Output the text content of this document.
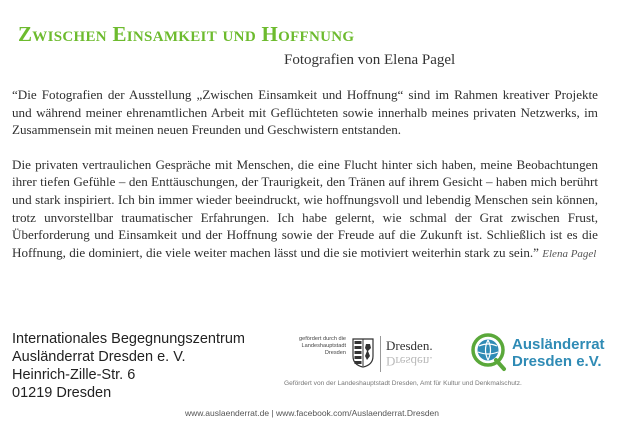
Zwischen Einsamkeit und Hoffnung
Fotografien von Elena Pagel

“Die Fotografien der Ausstellung „Zwischen Einsamkeit und Hoffnung“ sind im Rahmen kreativer Projekte und während meiner ehrenamtlichen Arbeit mit Geflüchteten sowie innerhalb meines privaten Netzwerks, im Zusammensein mit meinen neuen Freunden und Geschwistern entstanden.

Die privaten vertraulichen Gespräche mit Menschen, die eine Flucht hinter sich haben, meine Beobachtungen ihrer tiefen Gefühle – den Enttäuschungen, der Traurigkeit, den Tränen auf ihrem Gesicht – haben mich berührt und stark inspiriert. Ich bin immer wieder beeindruckt, wie hoffnungsvoll und lebendig Menschen sein können, trotz unvorstellbar traumatischer Erfahrungen. Ich habe gelernt, wie schmal der Grat zwischen Frust, Überforderung und Einsamkeit und der Hoffnung sowie der Freude auf die Zukunft ist. Schließlich ist es die Hoffnung, die dominiert, die viele weiter machen lässt und die sie motiviert weiterhin stark zu sein.” Elena Pagel

Internationales Begegnungszentrum
Ausländerrat Dresden e. V.
Heinrich-Zille-Str. 6
01219 Dresden
gefördert durch die Landeshauptstadt Dresden	Dresden.
Dresden.
Ausländerrat
Dresden e.V.
Gefördert von der Landeshauptstadt Dresden, Amt für Kultur und Denkmalschutz.
www.auslaenderrat.de | www.facebook.com/Auslaenderrat.Dresden
